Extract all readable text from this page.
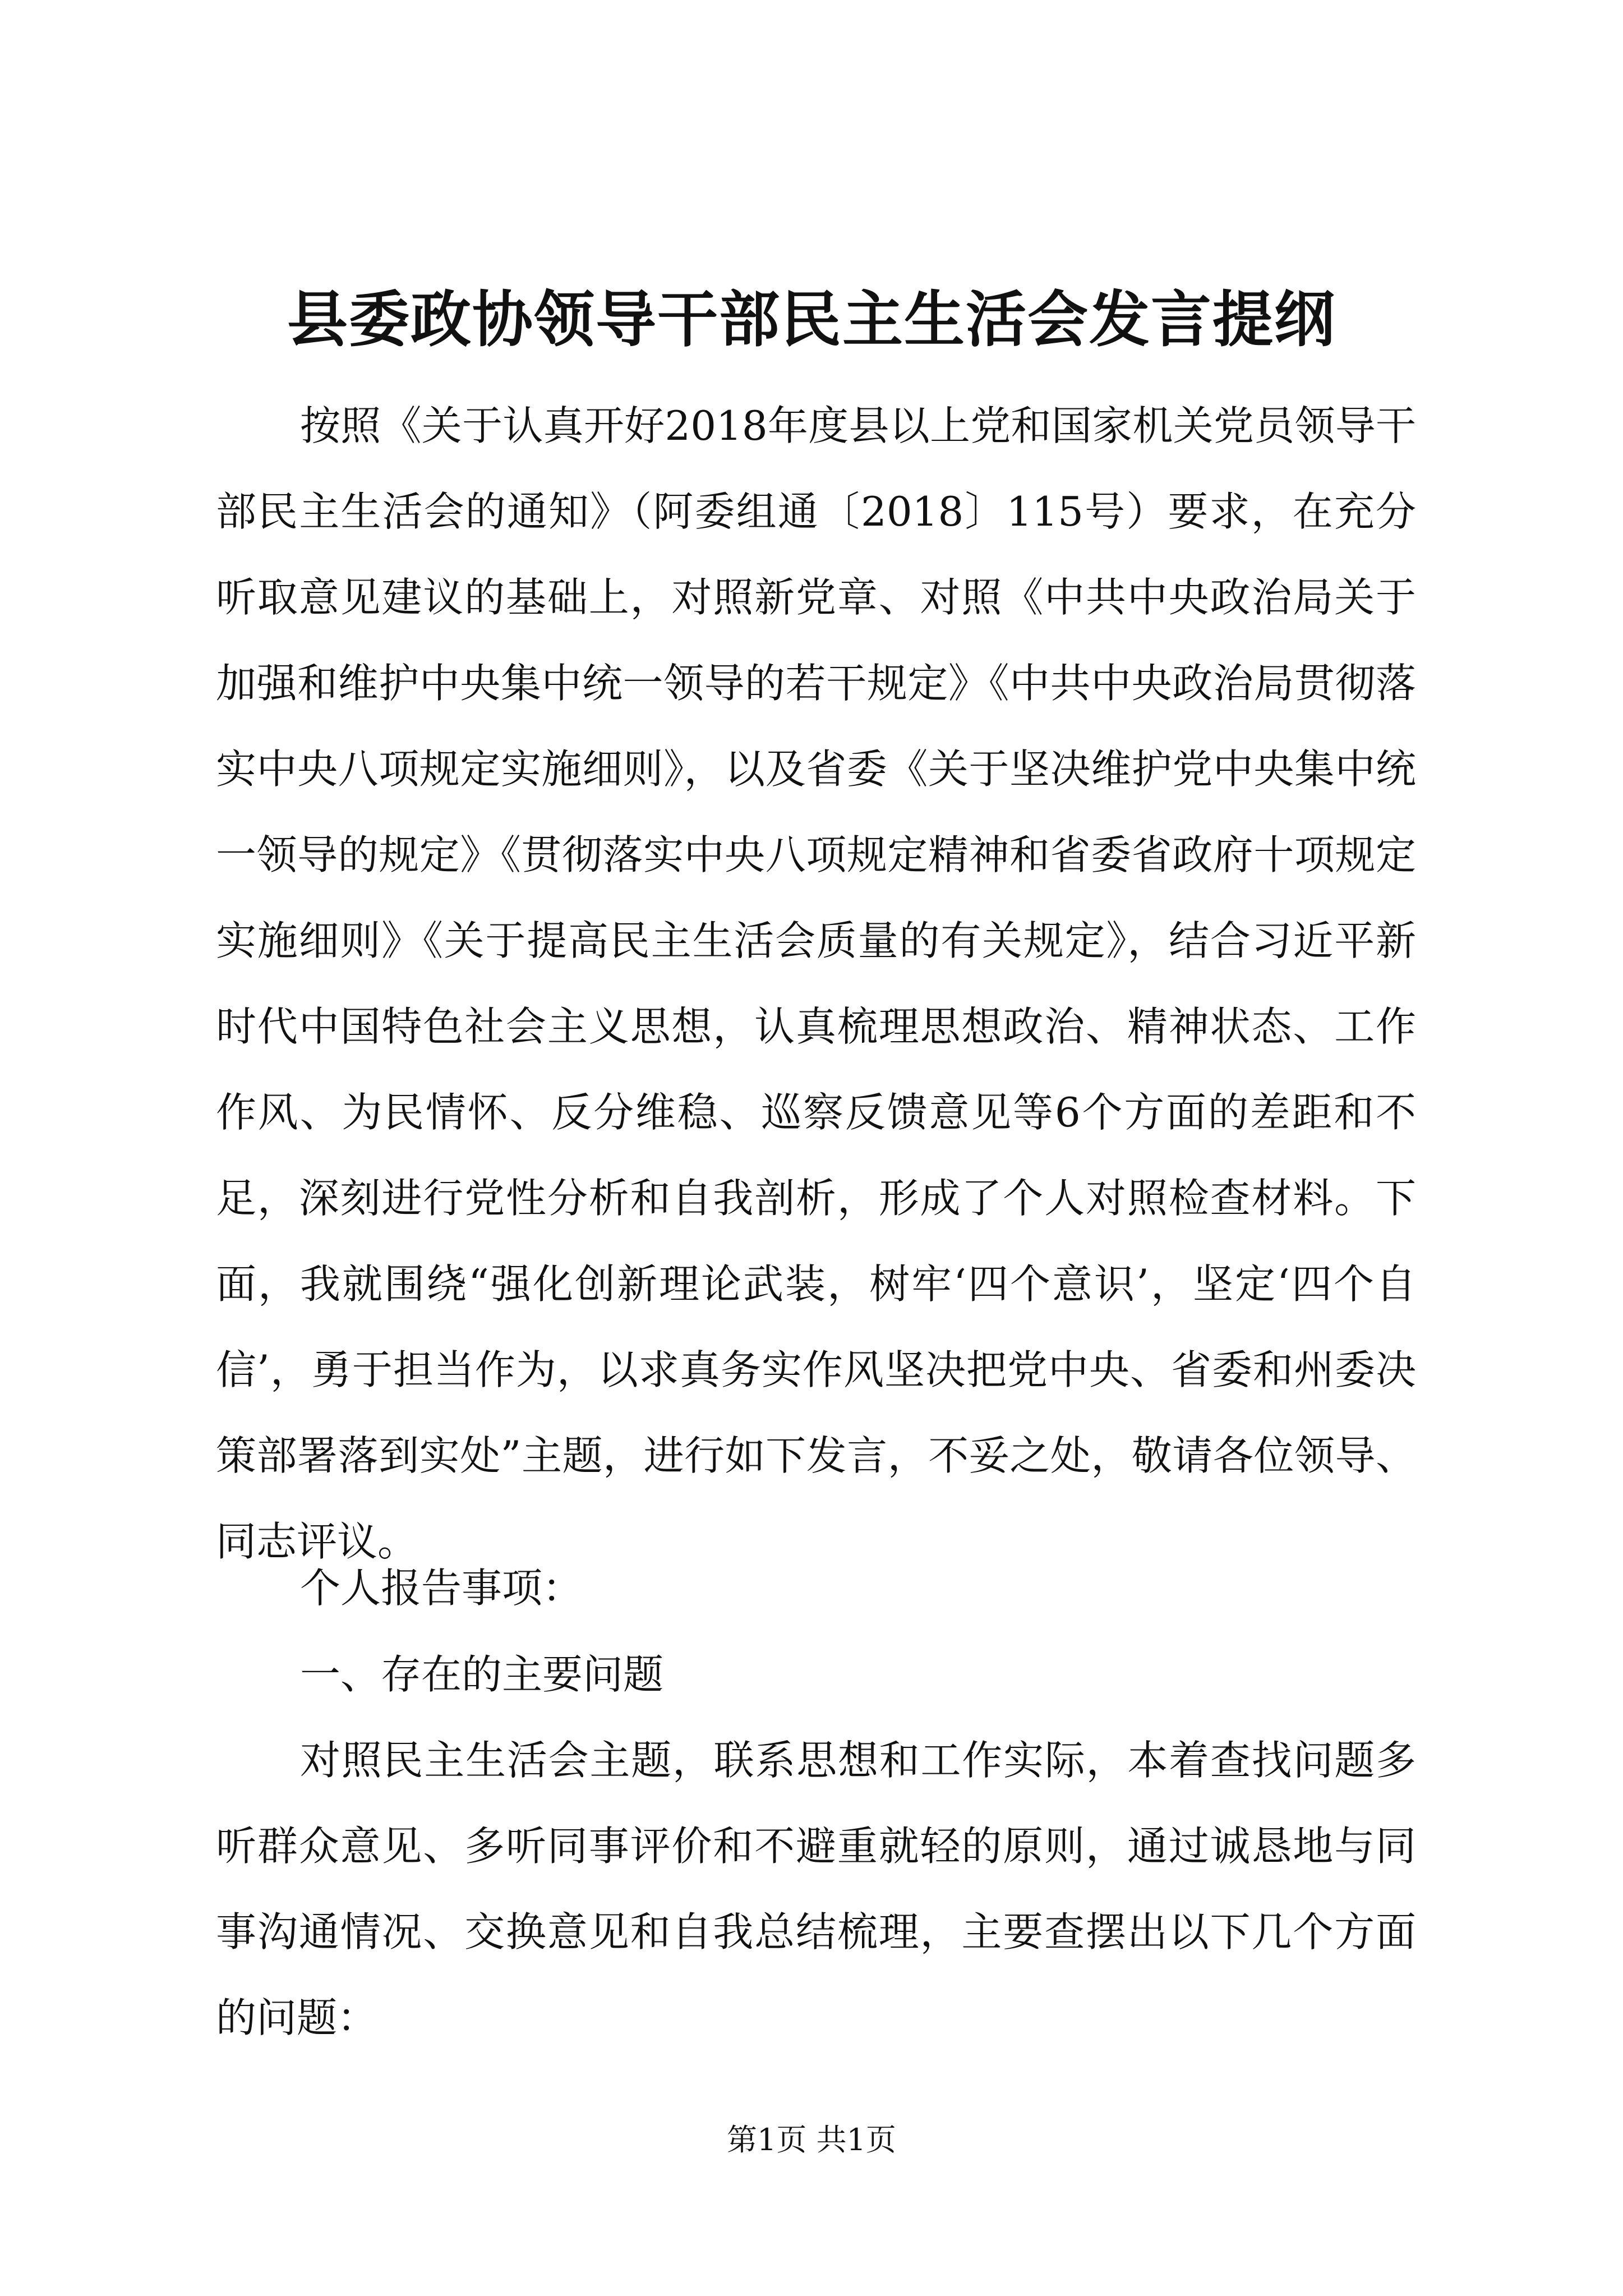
县委政协领导干部民主生活会发言提纲

按照《关于认真开好2018年度县以上党和国家机关党员领导干部民主生活会的通知》（阿委组通〔2018〕115号）要求，在充分听取意见建议的基础上，对照新党章、对照《中共中央政治局关于加强和维护中央集中统一领导的若干规定》《中共中央政治局贯彻落实中央八项规定实施细则》，以及省委《关于坚决维护党中央集中统一领导的规定》《贯彻落实中央八项规定精神和省委省政府十项规定实施细则》《关于提高民主生活会质量的有关规定》，结合习近平新时代中国特色社会主义思想，认真梳理思想政治、精神状态、工作作风、为民情怀、反分维稳、巡察反馈意见等6个方面的差距和不足，深刻进行党性分析和自我剖析，形成了个人对照检查材料。下面，我就围绕“强化创新理论武装，树牢‘四个意识’，坚定‘四个自信’，勇于担当作为，以求真务实作风坚决把党中央、省委和州委决策部署落到实处”主题，进行如下发言，不妥之处，敬请各位领导、同志评议。

个人报告事项：

一、存在的主要问题

对照民主生活会主题，联系思想和工作实际，本着查找问题多听群众意见、多听同事评价和不避重就轻的原则，通过诚恳地与同事沟通情况、交换意见和自我总结梳理，主要查摆出以下几个方面的问题：

第1页 共1页
